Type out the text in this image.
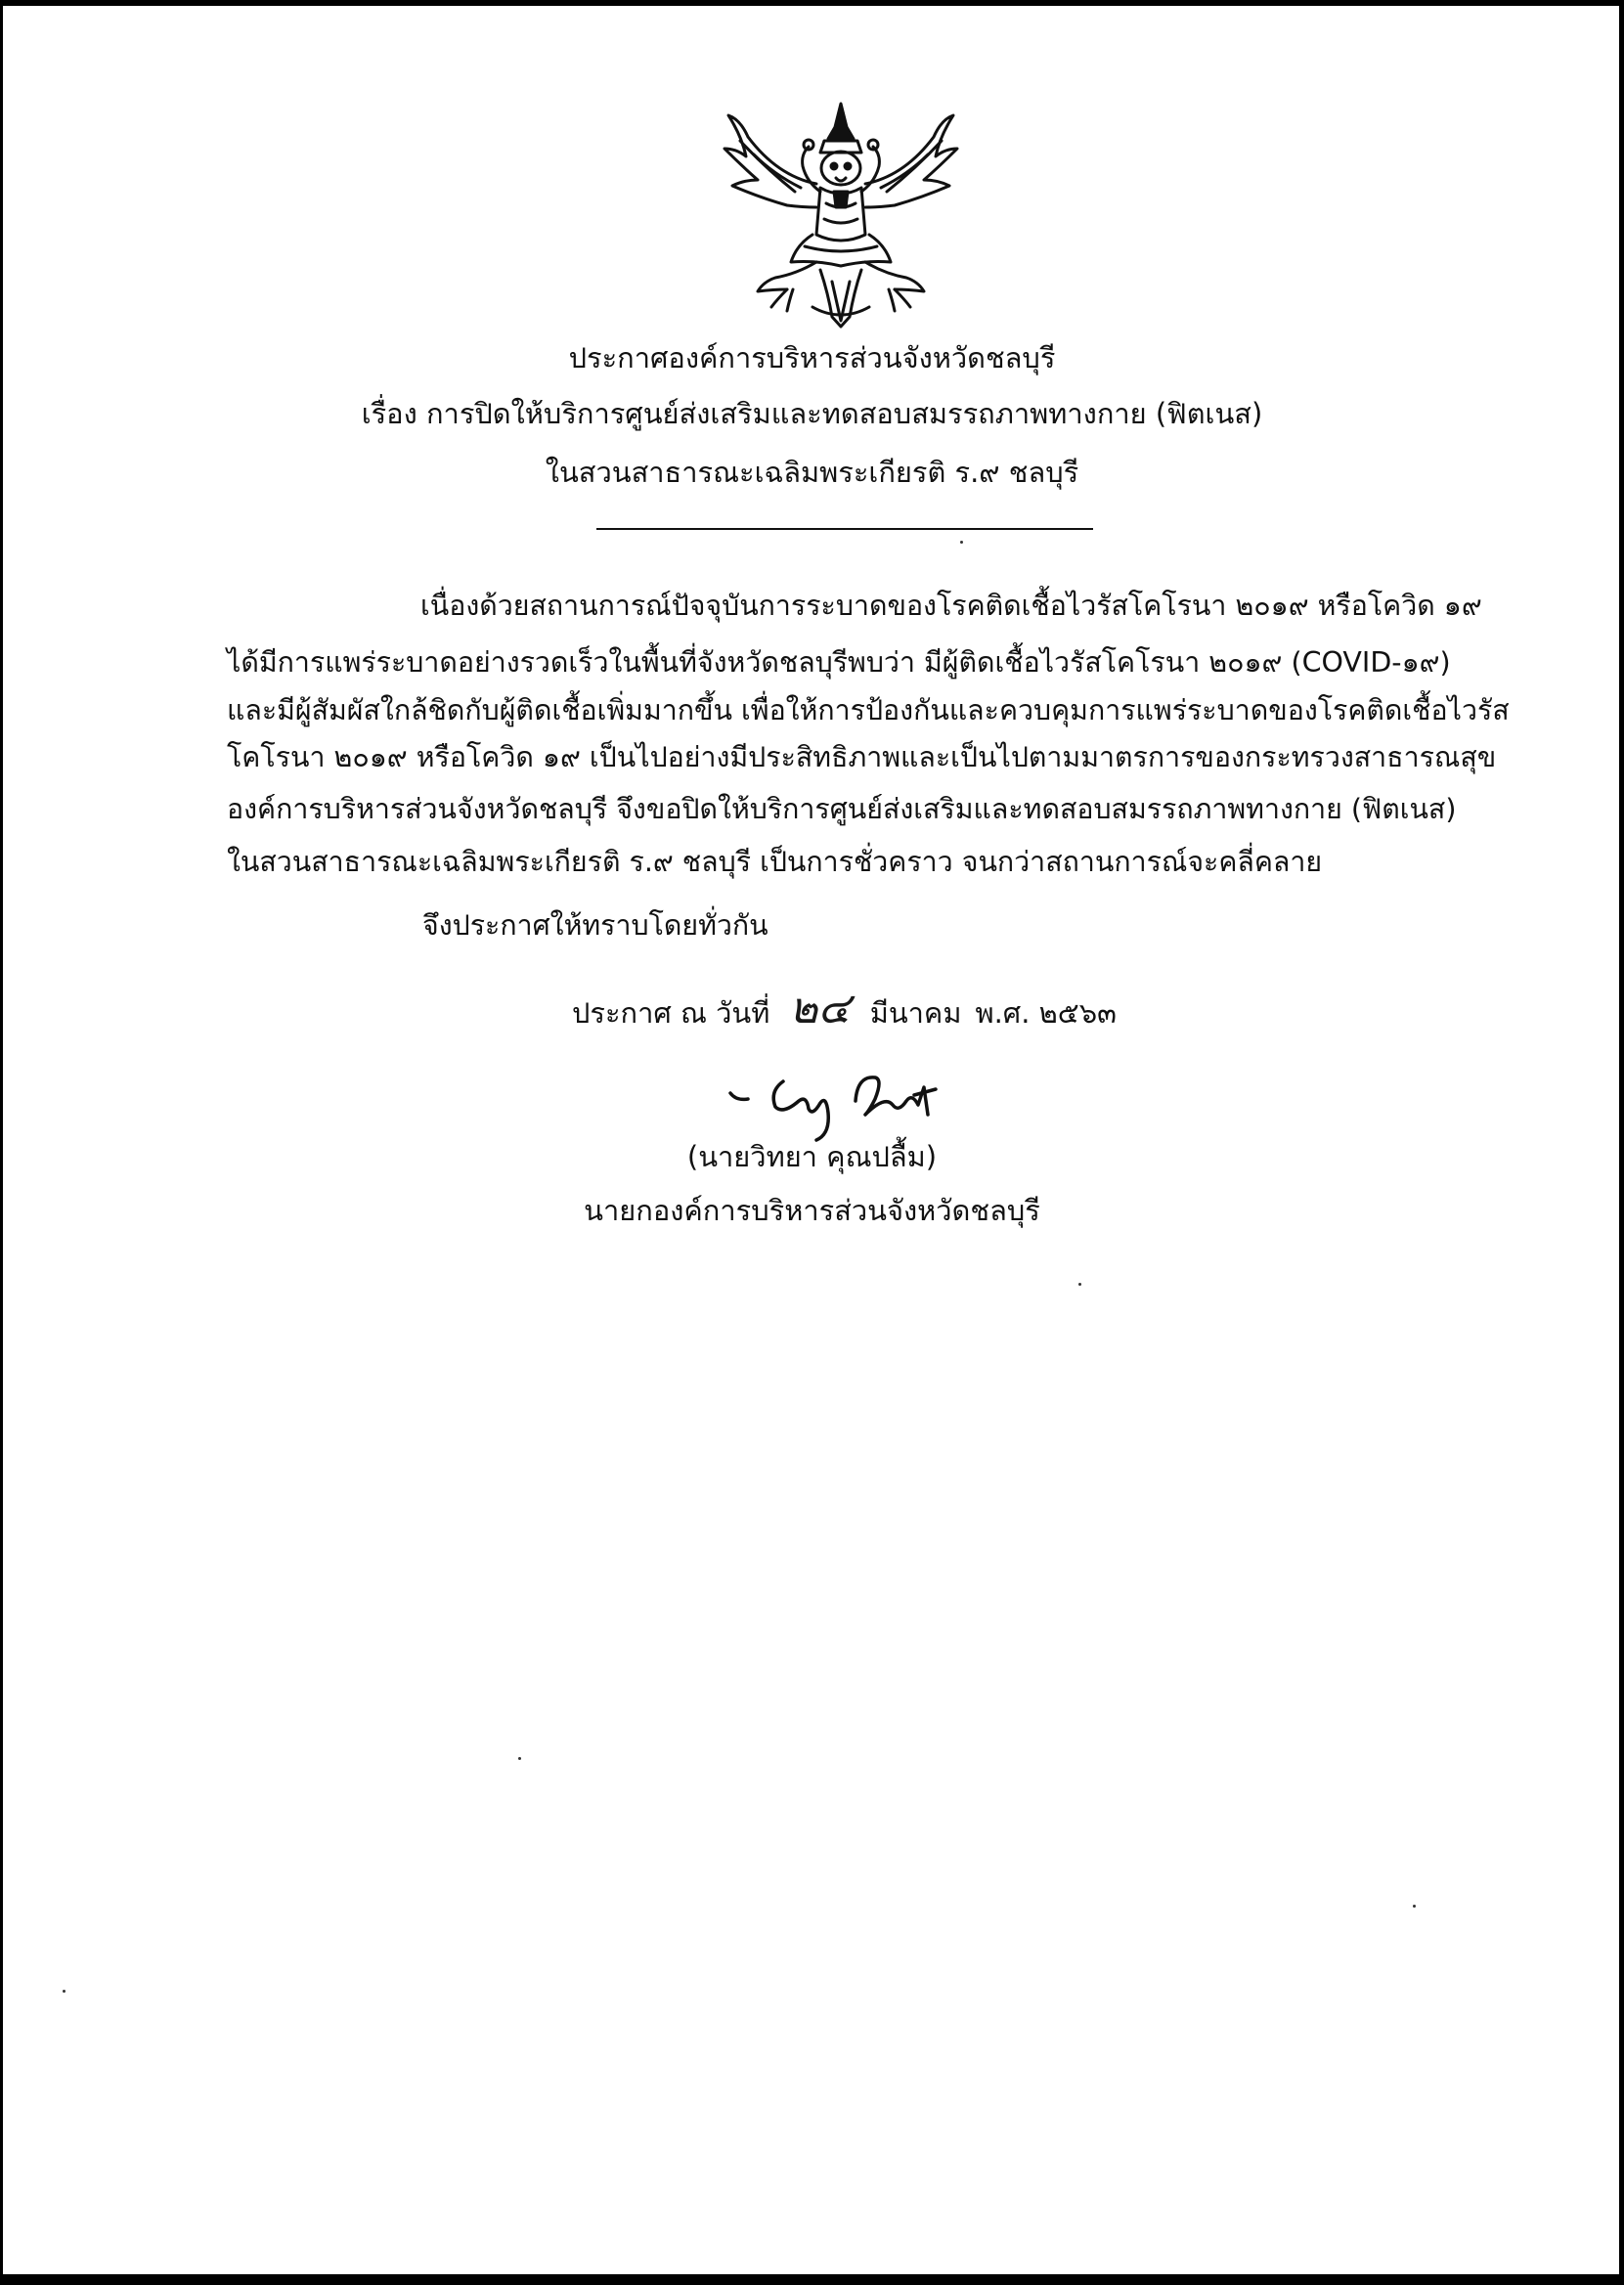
ประกาศองค์การบริหารส่วนจังหวัดชลบุรี
เรื่อง การปิดให้บริการศูนย์ส่งเสริมและทดสอบสมรรถภาพทางกาย (ฟิตเนส)
ในสวนสาธารณะเฉลิมพระเกียรติ ร.๙ ชลบุรี
เนื่องด้วยสถานการณ์ปัจจุบันการระบาดของโรคติดเชื้อไวรัสโคโรนา ๒๐๑๙ หรือโควิด ๑๙
ได้มีการแพร่ระบาดอย่างรวดเร็วในพื้นที่จังหวัดชลบุรีพบว่า มีผู้ติดเชื้อไวรัสโคโรนา ๒๐๑๙ (COVID-๑๙)
และมีผู้สัมผัสใกล้ชิดกับผู้ติดเชื้อเพิ่มมากขึ้น เพื่อให้การป้องกันและควบคุมการแพร่ระบาดของโรคติดเชื้อไวรัส
โคโรนา ๒๐๑๙ หรือโควิด ๑๙ เป็นไปอย่างมีประสิทธิภาพและเป็นไปตามมาตรการของกระทรวงสาธารณสุข
องค์การบริหารส่วนจังหวัดชลบุรี จึงขอปิดให้บริการศูนย์ส่งเสริมและทดสอบสมรรถภาพทางกาย (ฟิตเนส)
ในสวนสาธารณะเฉลิมพระเกียรติ ร.๙ ชลบุรี เป็นการชั่วคราว จนกว่าสถานการณ์จะคลี่คลาย
จึงประกาศให้ทราบโดยทั่วกัน
ประกาศ ณ วันที่ ๒๔ มีนาคม พ.ศ. ๒๕๖๓
(นายวิทยา คุณปลื้ม)
นายกองค์การบริหารส่วนจังหวัดชลบุรี
